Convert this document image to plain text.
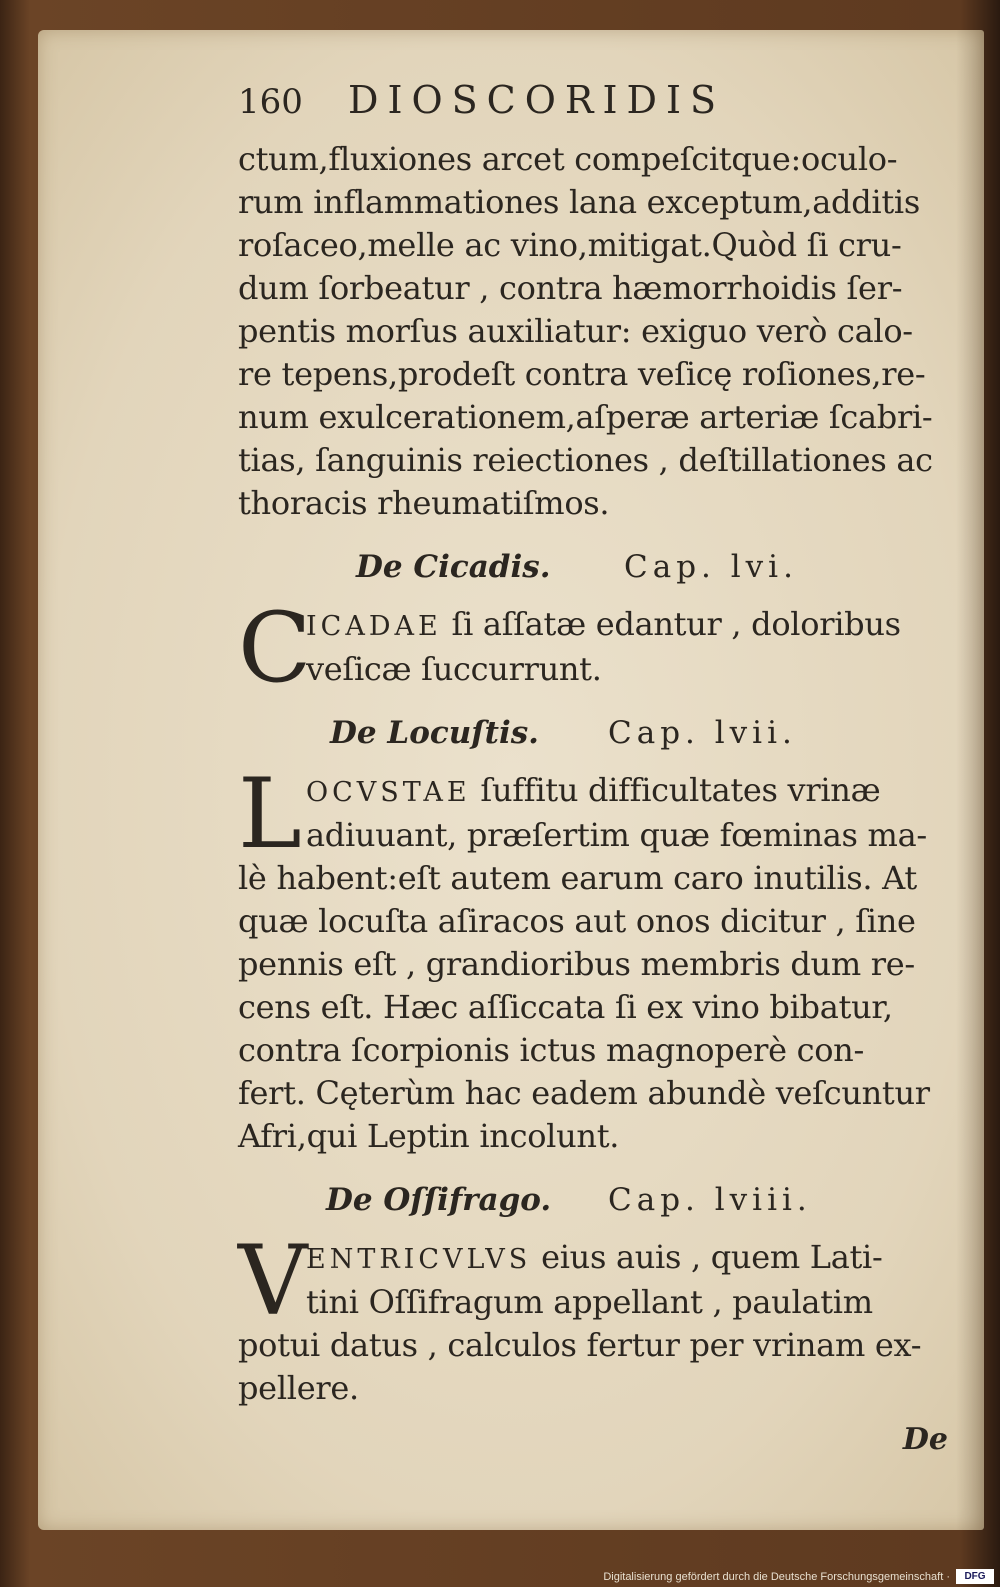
160	DIOSCORIDIS
ctum,fluxiones arcet compeſcitque:oculo-
rum inflammationes lana exceptum,additis
roſaceo,melle ac vino,mitigat.Quòd ſi cru-
dum ſorbeatur , contra hæmorrhoidis ſer-
pentis morſus auxiliatur: exiguo verò calo-
re tepens,prodeſt contra veſicę roſiones,re-
num exulcerationem,aſperæ arteriæ ſcabri-
tias, ſanguinis reiectiones , deſtillationes ac
thoracis rheumatiſmos.
De Cicadis.	Cap. lvi.
C
ICADAE ſi aſſatæ edantur , doloribus
veſicæ ſuccurrunt.
De Locuſtis.	Cap. lvii.
L OCVSTAE ſuffitu difficultates vrinæ
adiuuant, præſertim quæ fœminas ma-
lè habent:eſt autem earum caro inutilis. At
quæ locuſta aſiracos aut onos dicitur , ſine
pennis eſt , grandioribus membris dum re-
cens eſt. Hæc aſſiccata ſi ex vino bibatur,
contra ſcorpionis ictus magnoperè con-
fert. Cęterùm hac eadem abundè veſcuntur
Afri,qui Leptin incolunt.
De Oſſifrago.	Cap. lviii.
V
ENTRICVLVS eius auis , quem Lati-
tini Oſſifragum appellant , paulatim
potui datus , calculos fertur per vrinam ex-
pellere.
De
Digitalisierung gefördert durch die Deutsche Forschungsgemeinschaft ·	DFG
